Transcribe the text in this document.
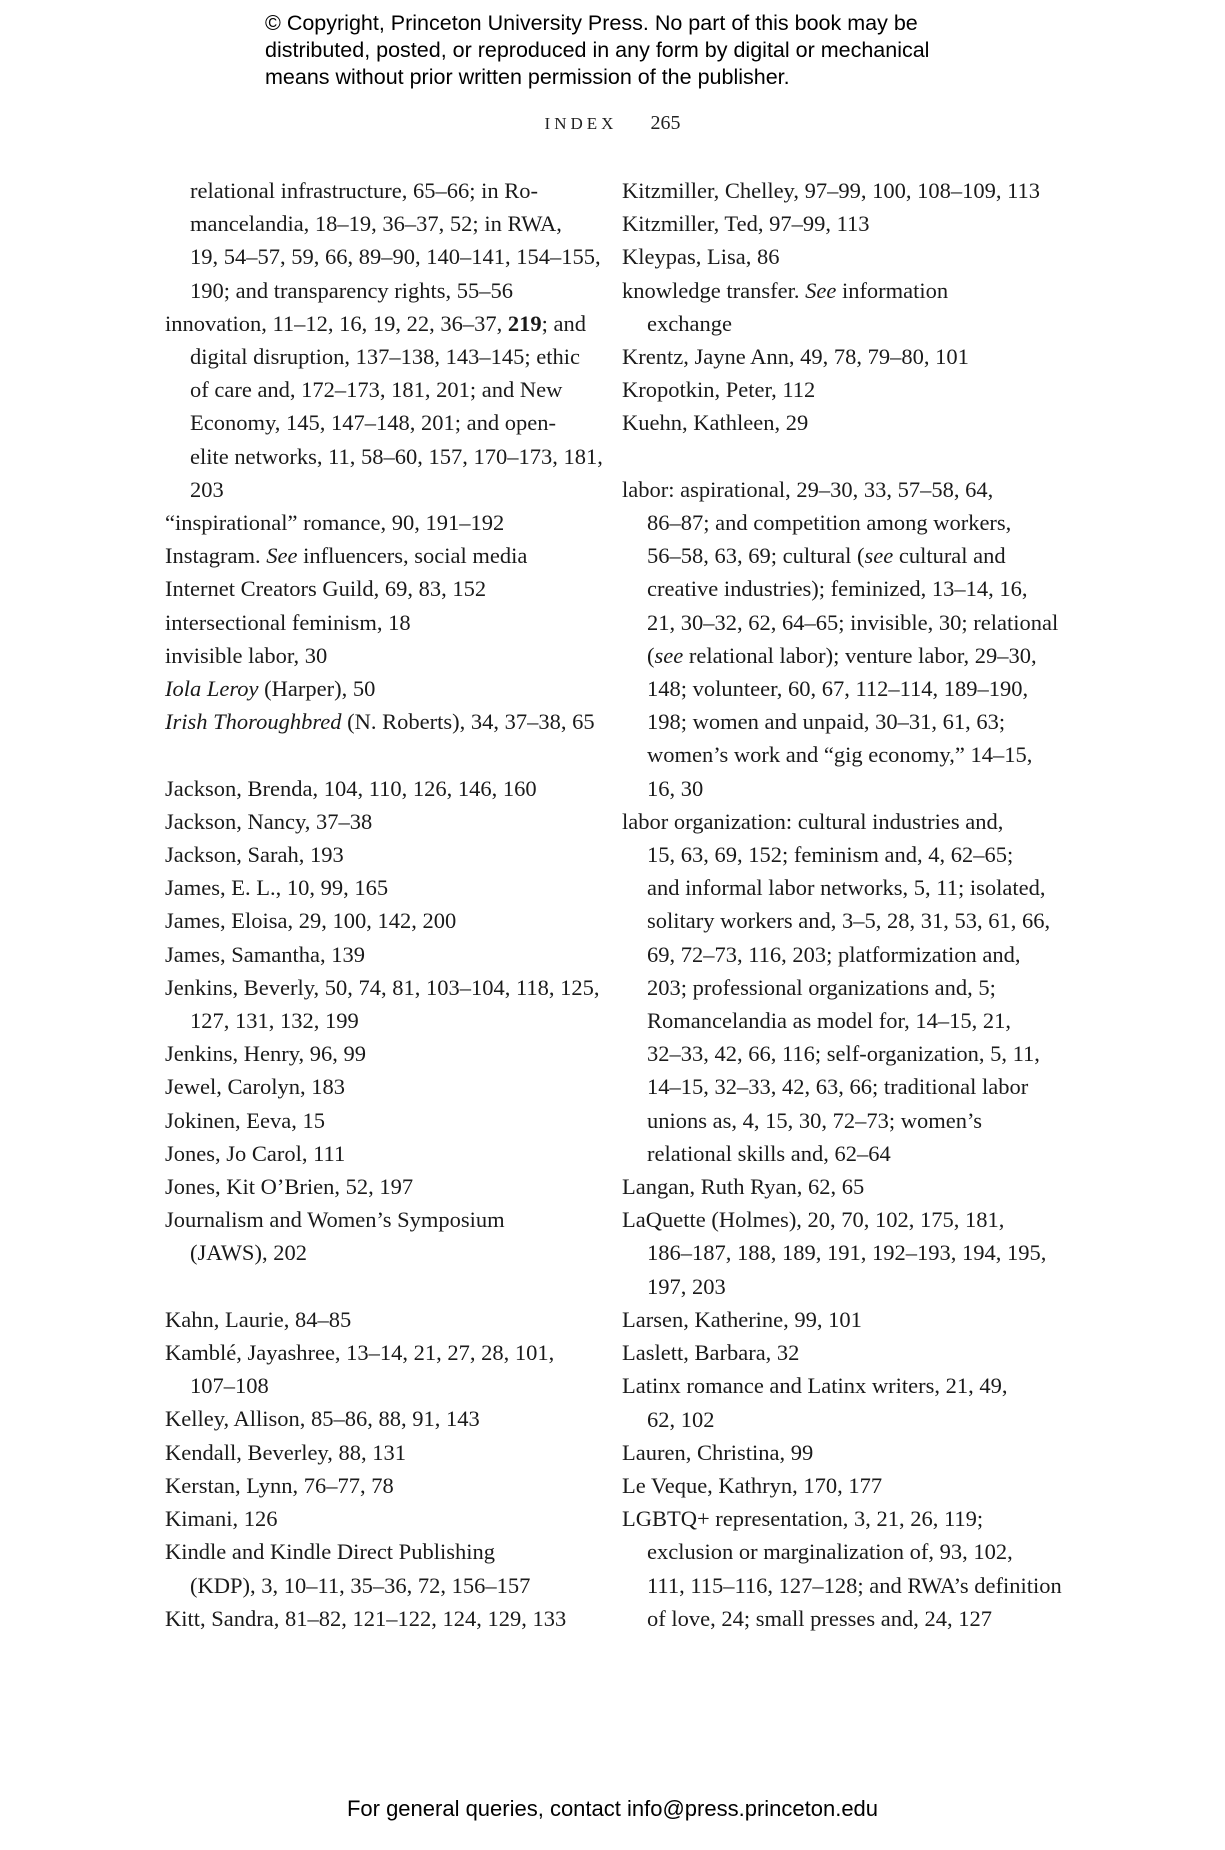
© Copyright, Princeton University Press. No part of this book may be
distributed, posted, or reproduced in any form by digital or mechanical
means without prior written permission of the publisher.
INDEX 265
relational infrastructure, 65–66; in Ro-
mancelandia, 18–19, 36–37, 52; in RWA,
19, 54–57, 59, 66, 89–90, 140–141, 154–155,
190; and transparency rights, 55–56
innovation, 11–12, 16, 19, 22, 36–37, 219; and
digital disruption, 137–138, 143–145; ethic
of care and, 172–173, 181, 201; and New
Economy, 145, 147–148, 201; and open-
elite networks, 11, 58–60, 157, 170–173, 181,
203
“inspirational” romance, 90, 191–192
Instagram. See influencers, social media
Internet Creators Guild, 69, 83, 152
intersectional feminism, 18
invisible labor, 30
Iola Leroy (Harper), 50
Irish Thoroughbred (N. Roberts), 34, 37–38, 65
Jackson, Brenda, 104, 110, 126, 146, 160
Jackson, Nancy, 37–38
Jackson, Sarah, 193
James, E. L., 10, 99, 165
James, Eloisa, 29, 100, 142, 200
James, Samantha, 139
Jenkins, Beverly, 50, 74, 81, 103–104, 118, 125,
127, 131, 132, 199
Jenkins, Henry, 96, 99
Jewel, Carolyn, 183
Jokinen, Eeva, 15
Jones, Jo Carol, 111
Jones, Kit O’Brien, 52, 197
Journalism and Women’s Symposium
(JAWS), 202
Kahn, Laurie, 84–85
Kamblé, Jayashree, 13–14, 21, 27, 28, 101,
107–108
Kelley, Allison, 85–86, 88, 91, 143
Kendall, Beverley, 88, 131
Kerstan, Lynn, 76–77, 78
Kimani, 126
Kindle and Kindle Direct Publishing
(KDP), 3, 10–11, 35–36, 72, 156–157
Kitt, Sandra, 81–82, 121–122, 124, 129, 133
Kitzmiller, Chelley, 97–99, 100, 108–109, 113
Kitzmiller, Ted, 97–99, 113
Kleypas, Lisa, 86
knowledge transfer. See information
exchange
Krentz, Jayne Ann, 49, 78, 79–80, 101
Kropotkin, Peter, 112
Kuehn, Kathleen, 29
labor: aspirational, 29–30, 33, 57–58, 64,
86–87; and competition among workers,
56–58, 63, 69; cultural (see cultural and
creative industries); feminized, 13–14, 16,
21, 30–32, 62, 64–65; invisible, 30; relational
(see relational labor); venture labor, 29–30,
148; volunteer, 60, 67, 112–114, 189–190,
198; women and unpaid, 30–31, 61, 63;
women’s work and “gig economy,” 14–15,
16, 30
labor organization: cultural industries and,
15, 63, 69, 152; feminism and, 4, 62–65;
and informal labor networks, 5, 11; isolated,
solitary workers and, 3–5, 28, 31, 53, 61, 66,
69, 72–73, 116, 203; platformization and,
203; professional organizations and, 5;
Romancelandia as model for, 14–15, 21,
32–33, 42, 66, 116; self-organization, 5, 11,
14–15, 32–33, 42, 63, 66; traditional labor
unions as, 4, 15, 30, 72–73; women’s
relational skills and, 62–64
Langan, Ruth Ryan, 62, 65
LaQuette (Holmes), 20, 70, 102, 175, 181,
186–187, 188, 189, 191, 192–193, 194, 195,
197, 203
Larsen, Katherine, 99, 101
Laslett, Barbara, 32
Latinx romance and Latinx writers, 21, 49,
62, 102
Lauren, Christina, 99
Le Veque, Kathryn, 170, 177
LGBTQ+ representation, 3, 21, 26, 119;
exclusion or marginalization of, 93, 102,
111, 115–116, 127–128; and RWA’s definition
of love, 24; small presses and, 24, 127
For general queries, contact info@press.princeton.edu
